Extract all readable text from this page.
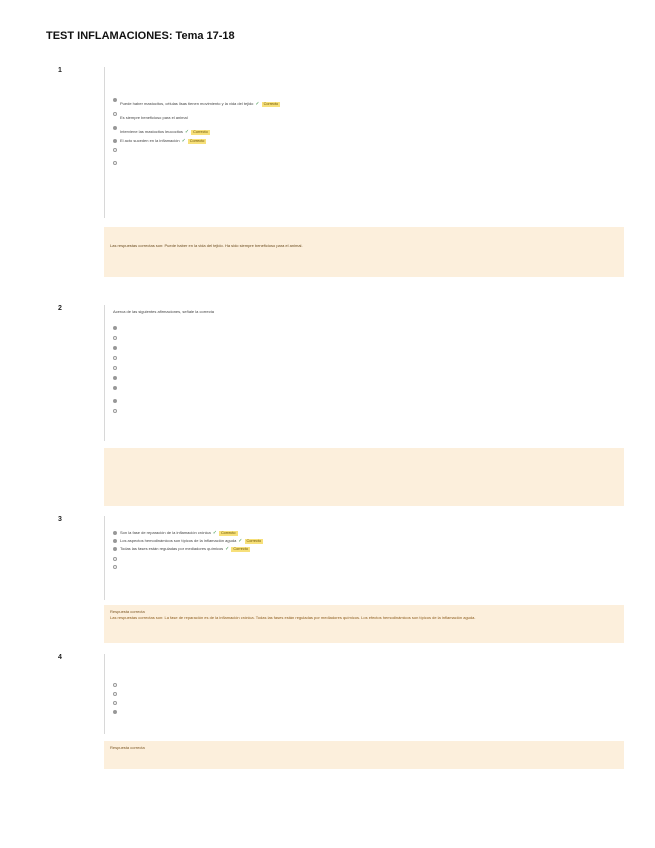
TEST INFLAMACIONES: Tema 17-18
1
Puede haber mastocitos, células lisas tienen movimiento y la vida del tejido ✓ Correcto
Es siempre beneficioso para el animal
Interviene las mastocitos leucocitos ✓ Correcto
El acto suceden en la inflamación ✓ Correcto
Las respuestas correctas son: Puede haber en la vida del tejido. Ha sido siempre beneficioso para el animal.
2	Acerca de las siguientes afirmaciones, señale la correcta
3
Son la fase de reparación de la inflamación crónica ✓ Correcto
Los aspectos hemodinámicos son típicos de la inflamación aguda ✓ Correcto
Todas las fases están reguladas por mediadores químicos ✓ Correcto
Respuesta correcta
Las respuestas correctas son: La fase de reparación es de la inflamación crónica. Todas las fases están reguladas por mediadores químicos. Los efectos hemodinámicos son típicos de la inflamación aguda.
4
Respuesta correcta
